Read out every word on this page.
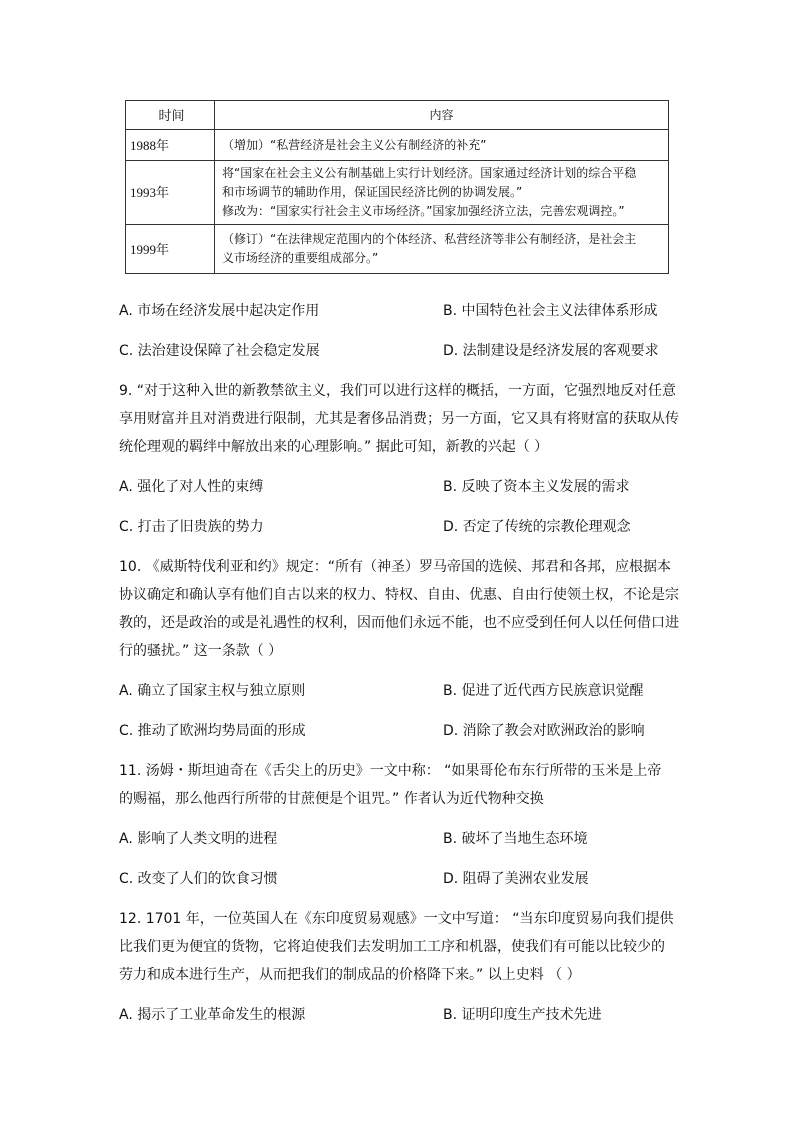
时间	内容
1988年	（增加）“私营经济是社会主义公有制经济的补充”

1993年	将“国家在社会主义公有制基础上实行计划经济。国家通过经济计划的综合平稳
和市场调节的辅助作用，保证国民经济比例的协调发展。”
修改为：“国家实行社会主义市场经济。”国家加强经济立法，完善宏观调控。”

1999年	（修订）“在法律规定范围内的个体经济、私营经济等非公有制经济，是社会主
义市场经济的重要组成部分。”
A. 市场在经济发展中起决定作用	B. 中国特色社会主义法律体系形成
C. 法治建设保障了社会稳定发展	D. 法制建设是经济发展的客观要求
9. “对于这种入世的新教禁欲主义，我们可以进行这样的概括，一方面，它强烈地反对任意
享用财富并且对消费进行限制，尤其是奢侈品消费；另一方面，它又具有将财富的获取从传
统伦理观的羁绊中解放出来的心理影响。” 据此可知，新教的兴起（ ）
A. 强化了对人性的束缚	B. 反映了资本主义发展的需求
C. 打击了旧贵族的势力	D. 否定了传统的宗教伦理观念
10. 《威斯特伐利亚和约》规定：“所有（神圣）罗马帝国的选候、邦君和各邦，应根据本
协议确定和确认享有他们自古以来的权力、特权、自由、优惠、自由行使领土权，不论是宗
教的，还是政治的或是礼遇性的权利，因而他们永远不能，也不应受到任何人以任何借口进
行的骚扰。” 这一条款（ ）
A. 确立了国家主权与独立原则	B. 促进了近代西方民族意识觉醒
C. 推动了欧洲均势局面的形成	D. 消除了教会对欧洲政治的影响
11. 汤姆・斯坦迪奇在《舌尖上的历史》一文中称： “如果哥伦布东行所带的玉米是上帝
的赐福，那么他西行所带的甘蔗便是个诅咒。” 作者认为近代物种交换
A. 影响了人类文明的进程	B. 破坏了当地生态环境
C. 改变了人们的饮食习惯	D. 阻碍了美洲农业发展
12. 1701 年，一位英国人在《东印度贸易观感》一文中写道： “当东印度贸易向我们提供
比我们更为便宜的货物，它将迫使我们去发明加工工序和机器，使我们有可能以比较少的
劳力和成本进行生产，从而把我们的制成品的价格降下来。” 以上史料 （ ）
A. 揭示了工业革命发生的根源	B. 证明印度生产技术先进
